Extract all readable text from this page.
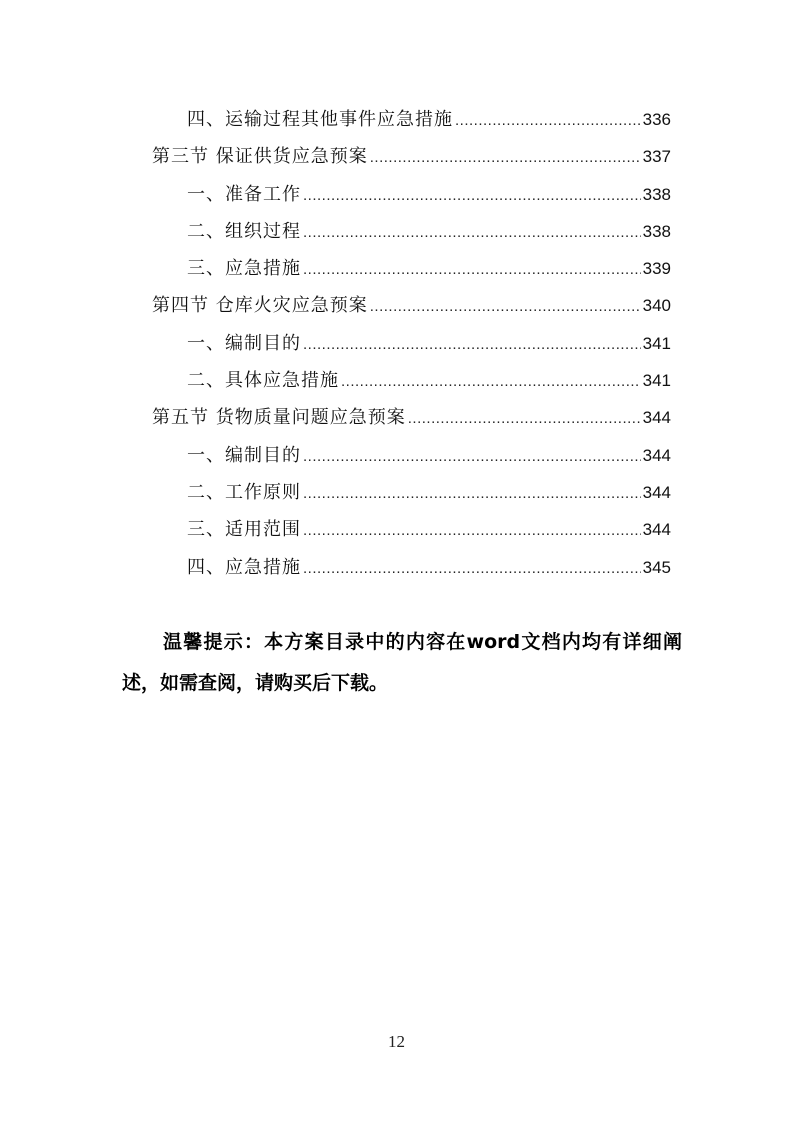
四、运输过程其他事件应急措施 .....	336
第三节 保证供货应急预案 .....	337
一、准备工作 .....	338
二、组织过程 .....	338
三、应急措施 .....	339
第四节 仓库火灾应急预案 .....	340
一、编制目的 .....	341
二、具体应急措施 .....	341
第五节 货物质量问题应急预案 .....	344
一、编制目的 .....	344
二、工作原则 .....	344
三、适用范围 .....	344
四、应急措施 .....	345
温馨提示：本方案目录中的内容在word文档内均有详细阐述，如需查阅，请购买后下载。
12
